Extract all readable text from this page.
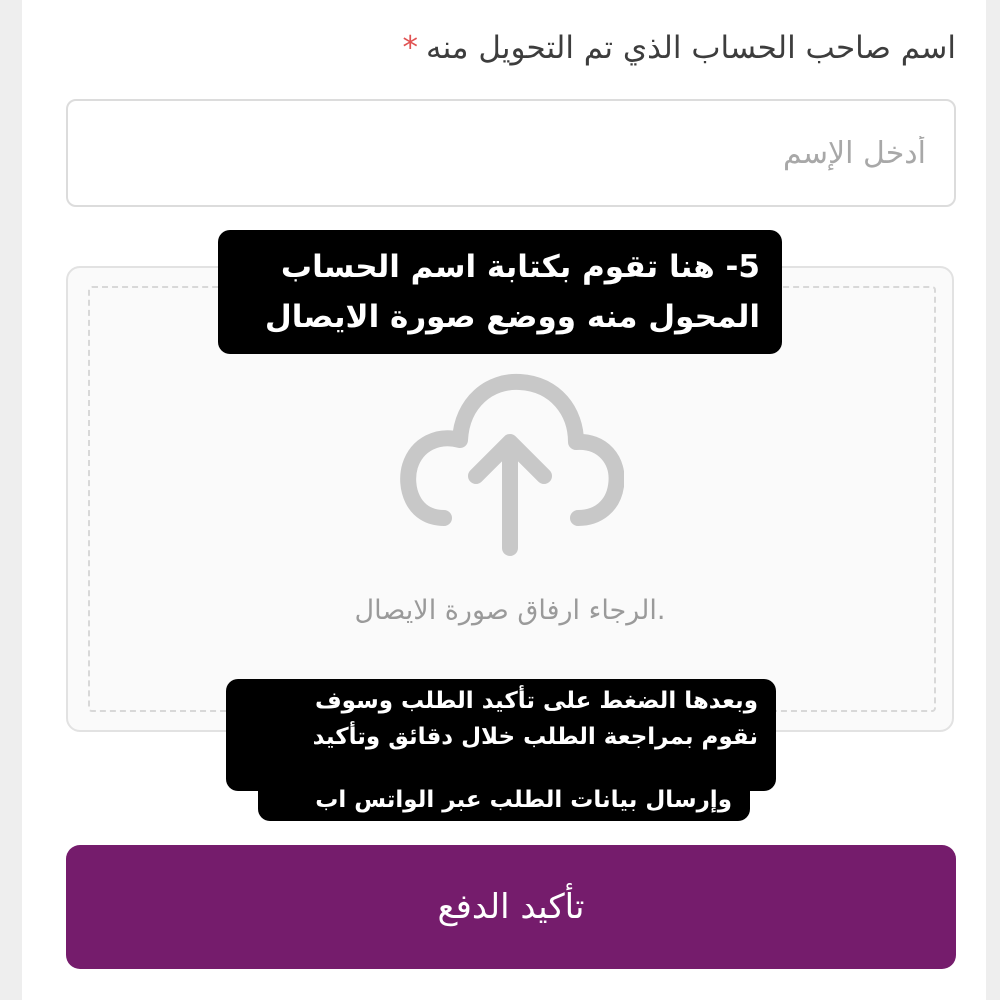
اسم صاحب الحساب الذي تم التحويل منه*
أدخل الإسم
.الرجاء ارفاق صورة الايصال
5- هنا تقوم بكتابة اسم الحساب
المحول منه ووضع صورة الايصال
وبعدها الضغط على تأكيد الطلب وسوف
نقوم بمراجعة الطلب خلال دقائق وتأكيد
وإرسال بيانات الطلب عبر الواتس اب
تأكيد الدفع
